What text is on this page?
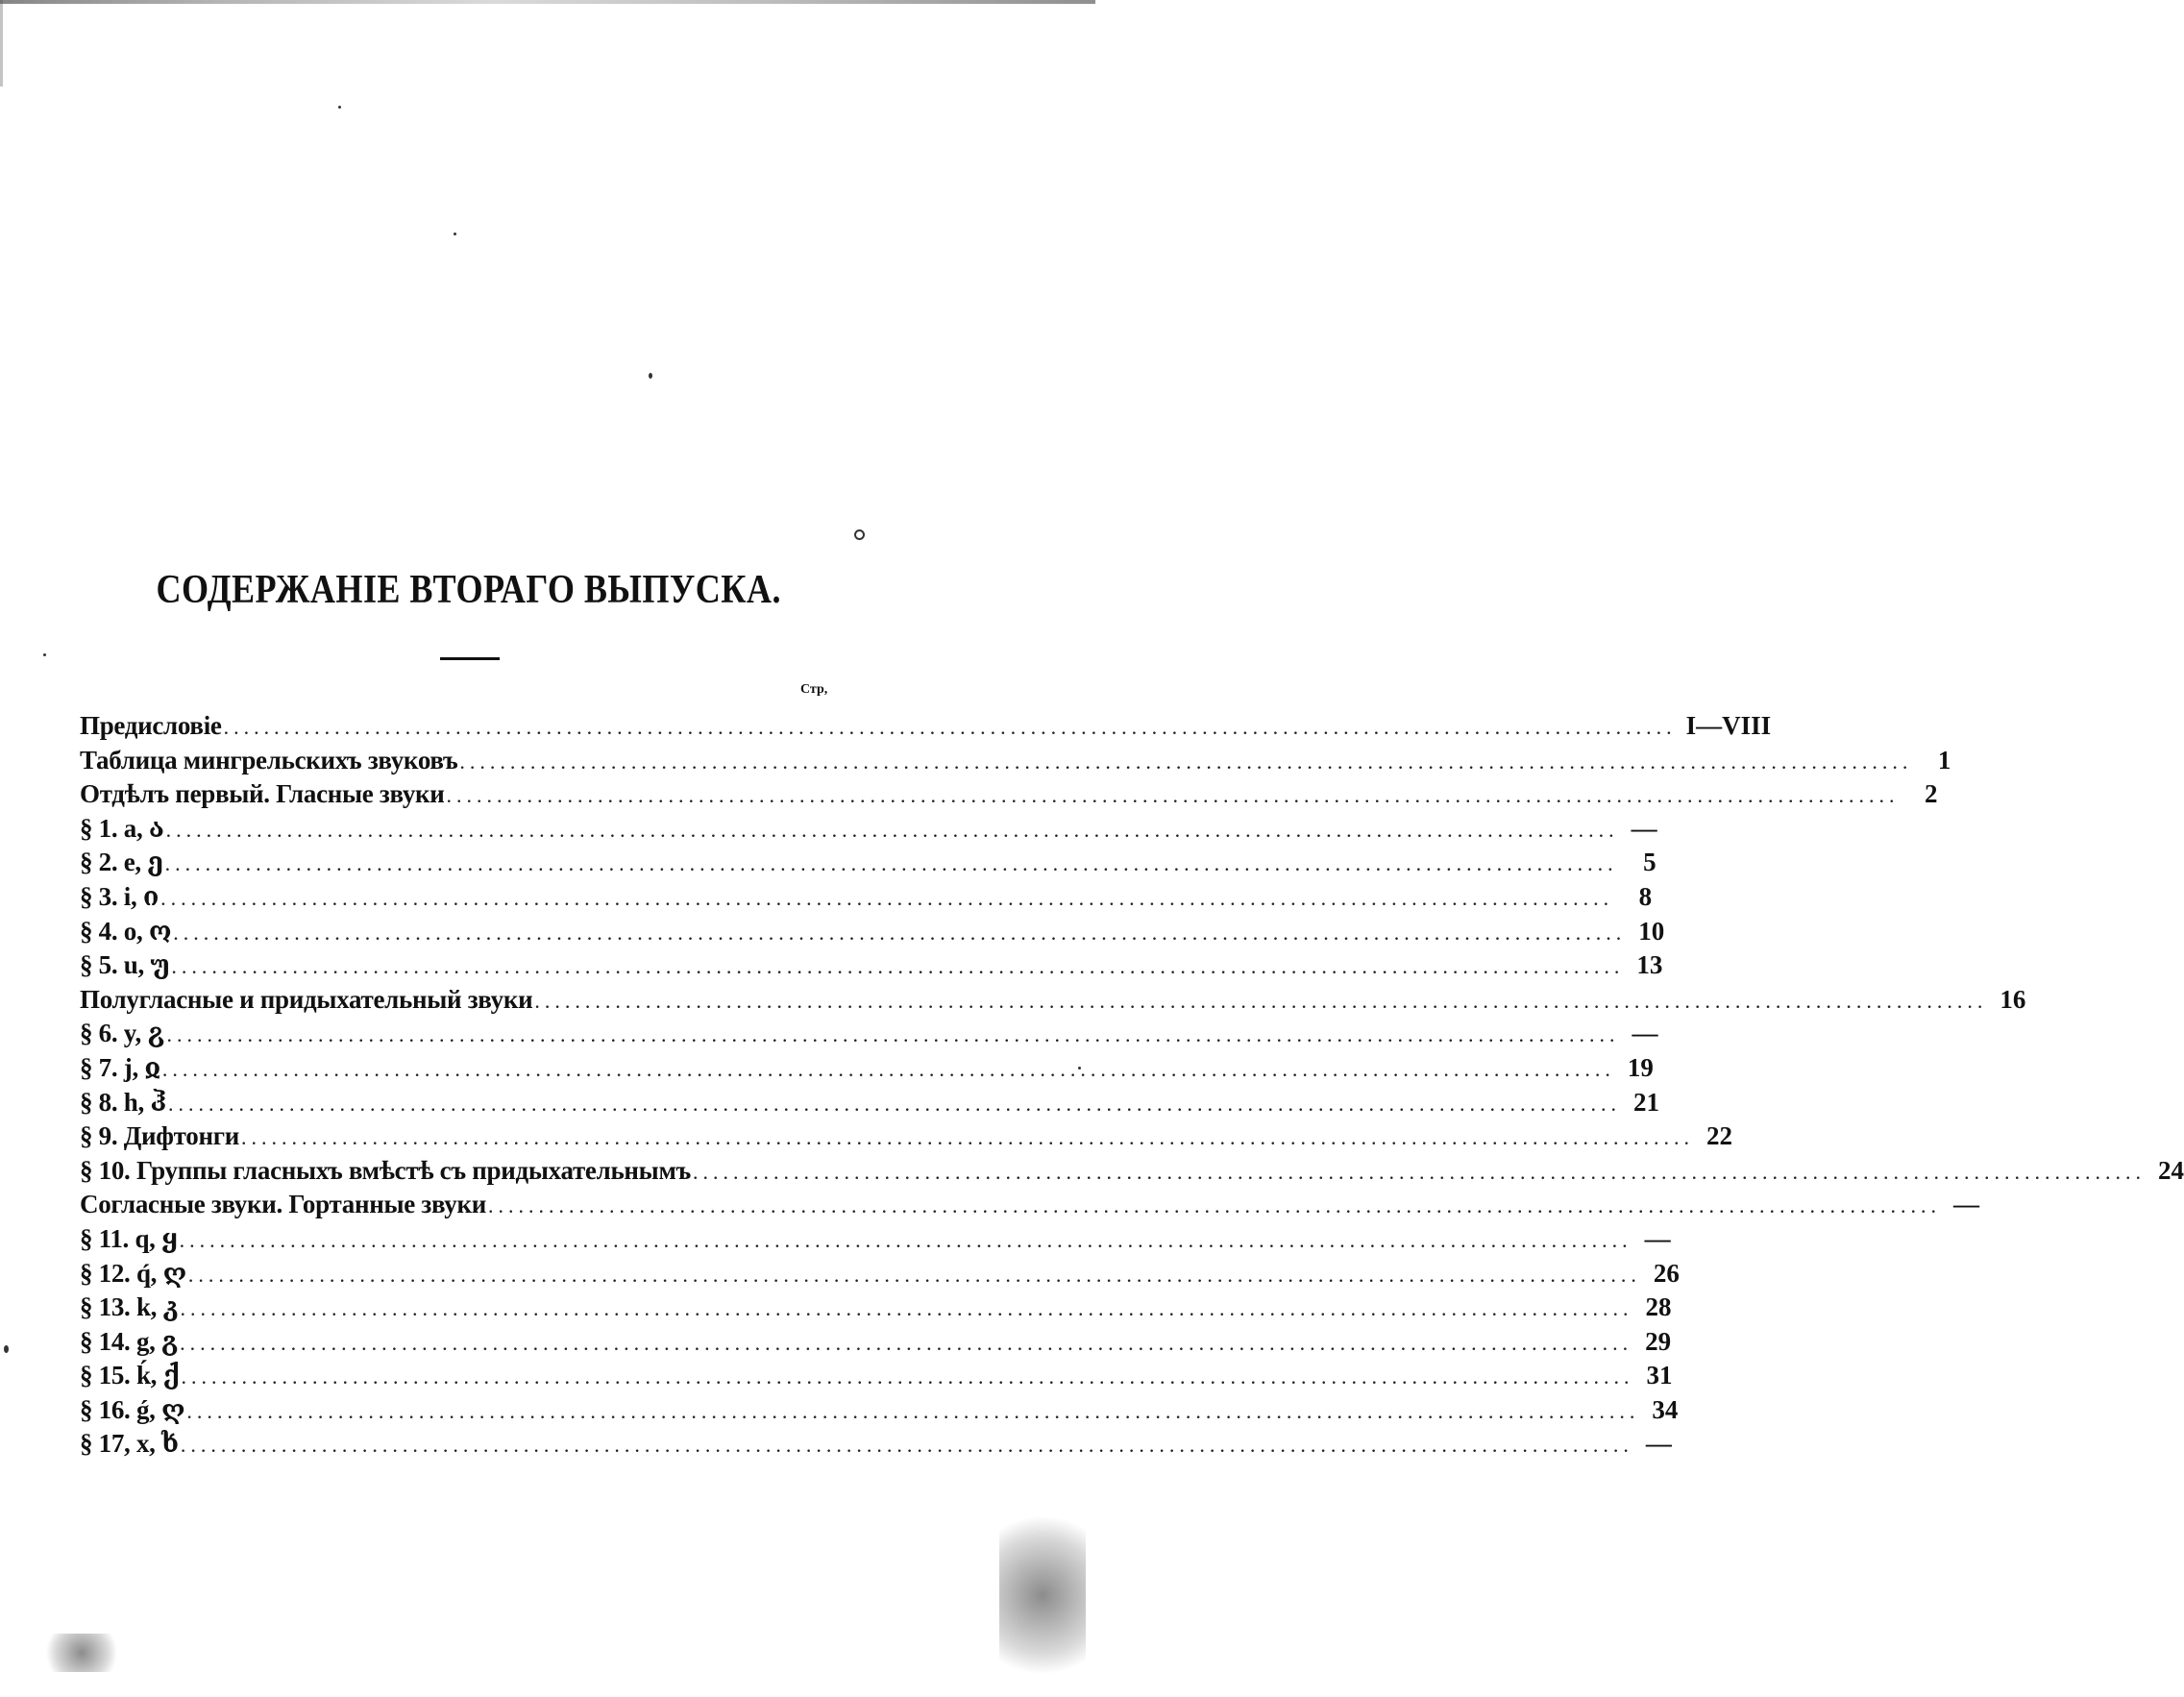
СОДЕРЖАНІЕ ВТОРАГО ВЫПУСКА.
Стр,
Предисловіе ................................................................................................................................................ I—VIII
Таблица мингрельскихъ звуковъ ................................................................................................................................................ 1
Отдѣлъ первый. Гласные звуки ................................................................................................................................................ 2
§ 1. a, ა ................................................................................................................................................ —
§ 2. e, ე ................................................................................................................................................ 5
§ 3. i, ი ................................................................................................................................................ 8
§ 4. o, ო ................................................................................................................................................ 10
§ 5. u, უ ................................................................................................................................................ 13
Полугласные и придыхательный звуки ................................................................................................................................................ 16
§ 6. y, ჷ ................................................................................................................................................ —
§ 7. j, ჲ ................................................................................................................................................ 19
§ 8. h, ჰ ................................................................................................................................................ 21
§ 9. Дифтонги ................................................................................................................................................ 22
§ 10. Группы гласныхъ вмѣстѣ съ придыхательнымъ ................................................................................................................................................ 24
Согласные звуки. Гортанные звуки ................................................................................................................................................ —
§ 11. q, ყ ................................................................................................................................................ —
§ 12. q́, ღ ................................................................................................................................................ 26
§ 13. k, კ ................................................................................................................................................ 28
§ 14. g, გ ................................................................................................................................................ 29
§ 15. ḱ, ქ ................................................................................................................................................ 31
§ 16. ǵ, ღ ................................................................................................................................................ 34
§ 17, x, ხ ................................................................................................................................................ —
